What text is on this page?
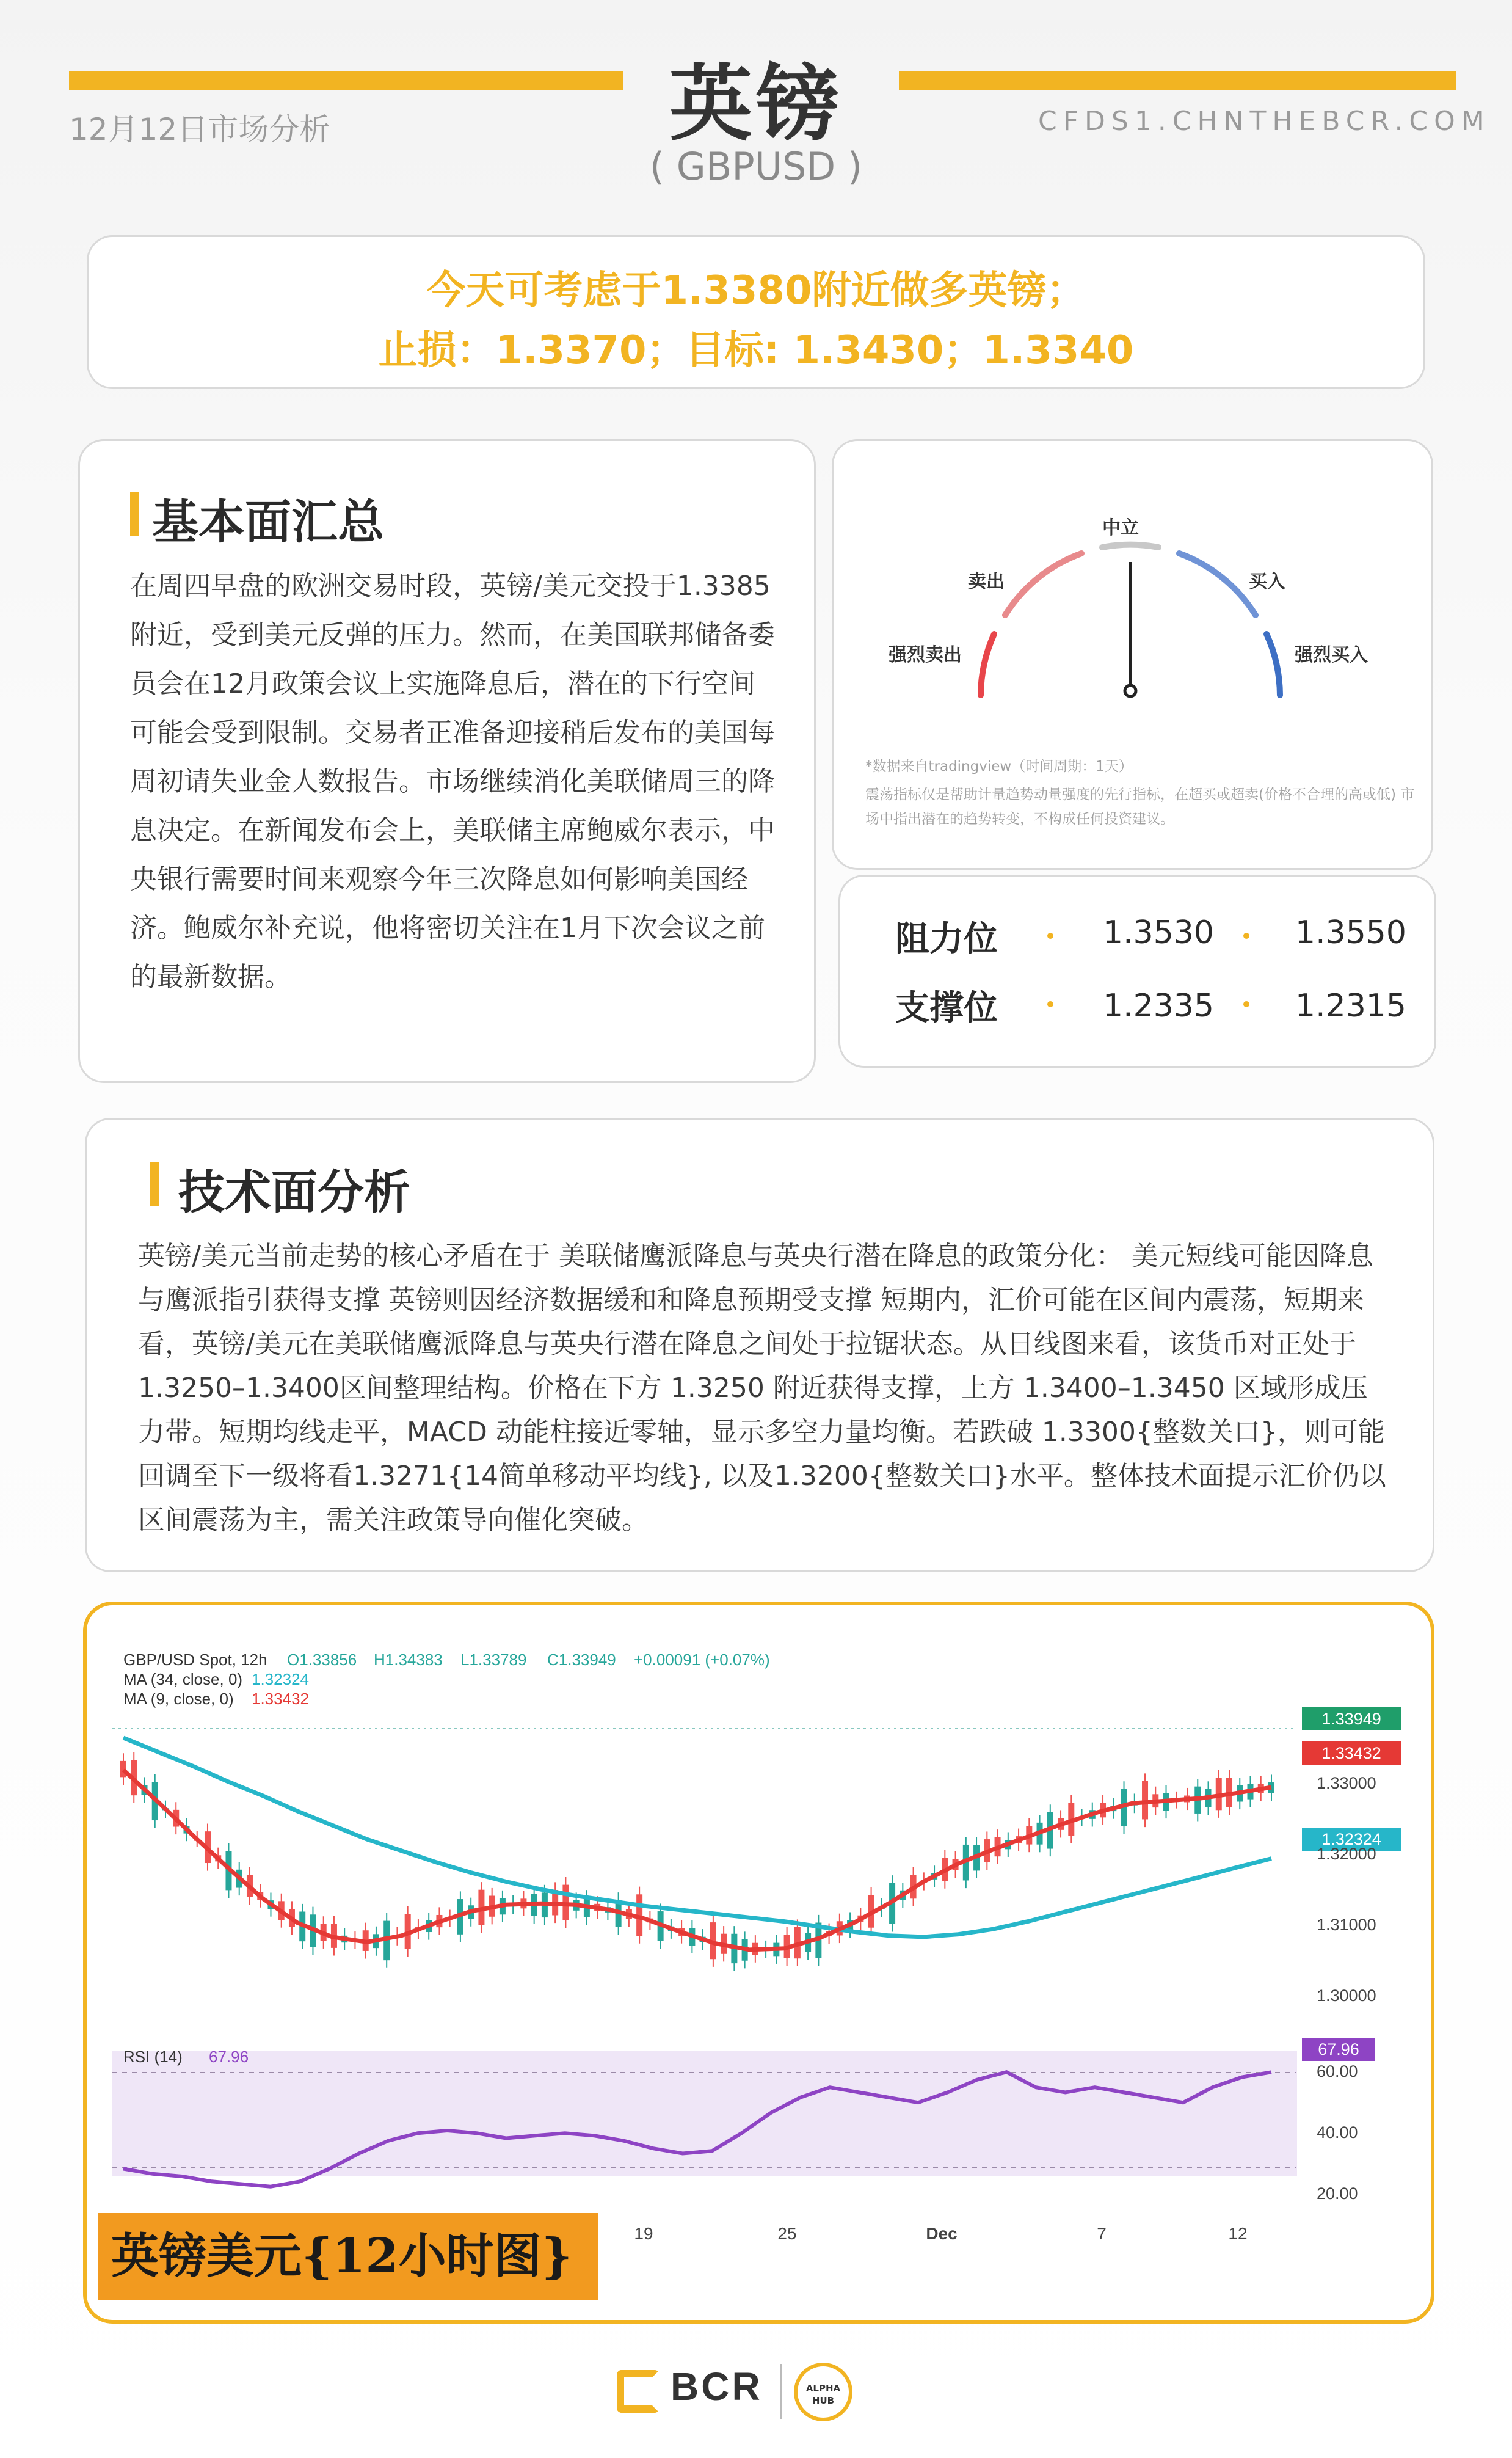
英镑
( GBPUSD )
12月12日市场分析	CFDS1.CHNTHEBCR.COM
今天可考虑于1.3380附近做多英镑；
止损：1.3370；目标: 1.3430；1.3340
基本面汇总
在周四早盘的欧洲交易时段，英镑/美元交投于1.3385附近，受到美元反弹的压力。然而，在美国联邦储备委员会在12月政策会议上实施降息后，潜在的下行空间可能会受到限制。交易者正准备迎接稍后发布的美国每周初请失业金人数报告。市场继续消化美联储周三的降息决定。在新闻发布会上，美联储主席鲍威尔表示，中央银行需要时间来观察今年三次降息如何影响美国经济。鲍威尔补充说，他将密切关注在1月下次会议之前的最新数据。
中立
卖出	买入
强烈卖出	强烈买入
*数据来自tradingview（时间周期：1天）
震荡指标仅是帮助计量趋势动量强度的先行指标，在超买或超卖(价格不合理的高或低) 市场中指出潜在的趋势转变，不构成任何投资建议。
阻力位	1.3530	1.3550
支撑位	1.2335	1.2315
技术面分析
英镑/美元当前走势的核心矛盾在于 美联储鹰派降息与英央行潜在降息的政策分化： 美元短线可能因降息与鹰派指引获得支撑 英镑则因经济数据缓和和降息预期受支撑 短期内，汇价可能在区间内震荡，短期来看，英镑/美元在美联储鹰派降息与英央行潜在降息之间处于拉锯状态。从日线图来看，该货币对正处于 1.3250–1.3400区间整理结构。价格在下方 1.3250 附近获得支撑，上方 1.3400–1.3450 区域形成压力带。短期均线走平，MACD 动能柱接近零轴，显示多空力量均衡。若跌破 1.3300{整数关口}，则可能回调至下一级将看1.3271{14简单移动平均线}, 以及1.3200{整数关口}水平。整体技术面提示汇价仍以区间震荡为主，需关注政策导向催化突破。
1.33949
1.33432
1.32324
67.96
1.33000
1.32000
1.31000
1.30000
60.00
40.00
20.00
19	25	Dec	7	12
GBP/USD Spot, 12h O1.33856 H1.34383 L1.33789 C1.33949 +0.00091 (+0.07%)
MA (34, close, 0) 1.32324
MA (9, close, 0) 1.33432
RSI (14) 67.96
英镑美元{12小时图}
BCR	ALPHA
HUB
